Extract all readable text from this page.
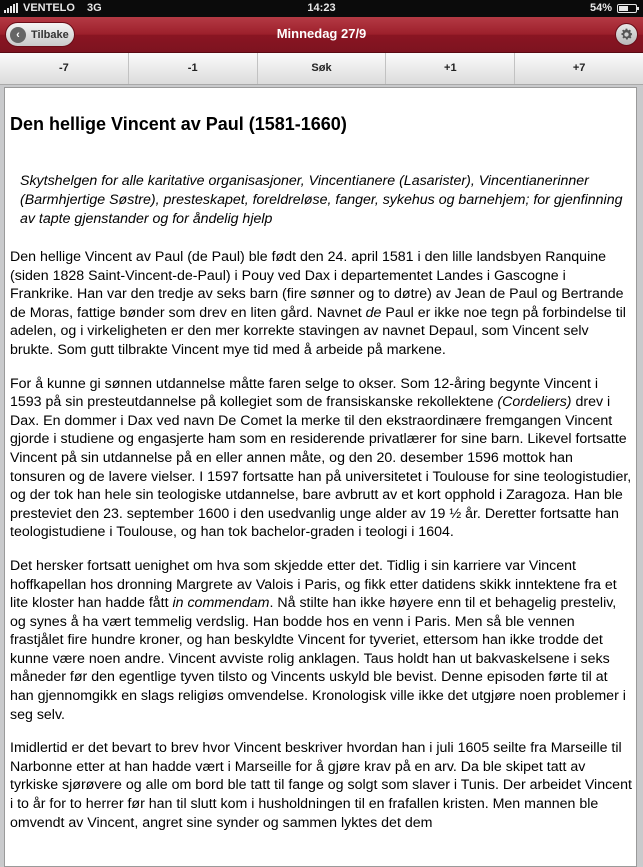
VENTELO 3G	14:23	54%
‹	Tilbake	Minnedag 27/9
-7	-1	Søk	+1	+7
Den hellige Vincent av Paul (1581-1660)
Skytshelgen for alle karitative organisasjoner, Vincentianere (Lasarister), Vincentianerinner (Barmhjertige Søstre), presteskapet, foreldreløse, fanger, sykehus og barnehjem; for gjenfinning av tapte gjenstander og for åndelig hjelp

Den hellige Vincent av Paul (de Paul) ble født den 24. april 1581 i den lille landsbyen Ranquine (siden 1828 Saint-Vincent-de-Paul) i Pouy ved Dax i departementet Landes i Gascogne i Frankrike. Han var den tredje av seks barn (fire sønner og to døtre) av Jean de Paul og Bertrande de Moras, fattige bønder som drev en liten gård. Navnet de Paul er ikke noe tegn på forbindelse til adelen, og i virkeligheten er den mer korrekte stavingen av navnet Depaul, som Vincent selv brukte. Som gutt tilbrakte Vincent mye tid med å arbeide på markene.

For å kunne gi sønnen utdannelse måtte faren selge to okser. Som 12-åring begynte Vincent i 1593 på sin presteutdannelse på kollegiet som de fransiskanske rekollektene (Cordeliers) drev i Dax. En dommer i Dax ved navn De Comet la merke til den ekstraordinære fremgangen Vincent gjorde i studiene og engasjerte ham som en residerende privatlærer for sine barn. Likevel fortsatte Vincent på sin utdannelse på en eller annen måte, og den 20. desember 1596 mottok han tonsuren og de lavere vielser. I 1597 fortsatte han på universitetet i Toulouse for sine teologistudier, og der tok han hele sin teologiske utdannelse, bare avbrutt av et kort opphold i Zaragoza. Han ble presteviet den 23. september 1600 i den usedvanlig unge alder av 19 ½ år. Deretter fortsatte han teologistudiene i Toulouse, og han tok bachelor-graden i teologi i 1604.

Det hersker fortsatt uenighet om hva som skjedde etter det. Tidlig i sin karriere var Vincent hoffkapellan hos dronning Margrete av Valois i Paris, og fikk etter datidens skikk inntektene fra et lite kloster han hadde fått in commendam. Nå stilte han ikke høyere enn til et behagelig presteliv, og synes å ha vært temmelig verdslig. Han bodde hos en venn i Paris. Men så ble vennen frastjålet fire hundre kroner, og han beskyldte Vincent for tyveriet, ettersom han ikke trodde det kunne være noen andre. Vincent avviste rolig anklagen. Taus holdt han ut bakvaskelsene i seks måneder før den egentlige tyven tilsto og Vincents uskyld ble bevist. Denne episoden førte til at han gjennomgikk en slags religiøs omvendelse. Kronologisk ville ikke det utgjøre noen problemer i seg selv.

Imidlertid er det bevart to brev hvor Vincent beskriver hvordan han i juli 1605 seilte fra Marseille til Narbonne etter at han hadde vært i Marseille for å gjøre krav på en arv. Da ble skipet tatt av tyrkiske sjørøvere og alle om bord ble tatt til fange og solgt som slaver i Tunis. Der arbeidet Vincent i to år for to herrer før han til slutt kom i husholdningen til en frafallen kristen. Men mannen ble omvendt av Vincent, angret sine synder og sammen lyktes det dem
